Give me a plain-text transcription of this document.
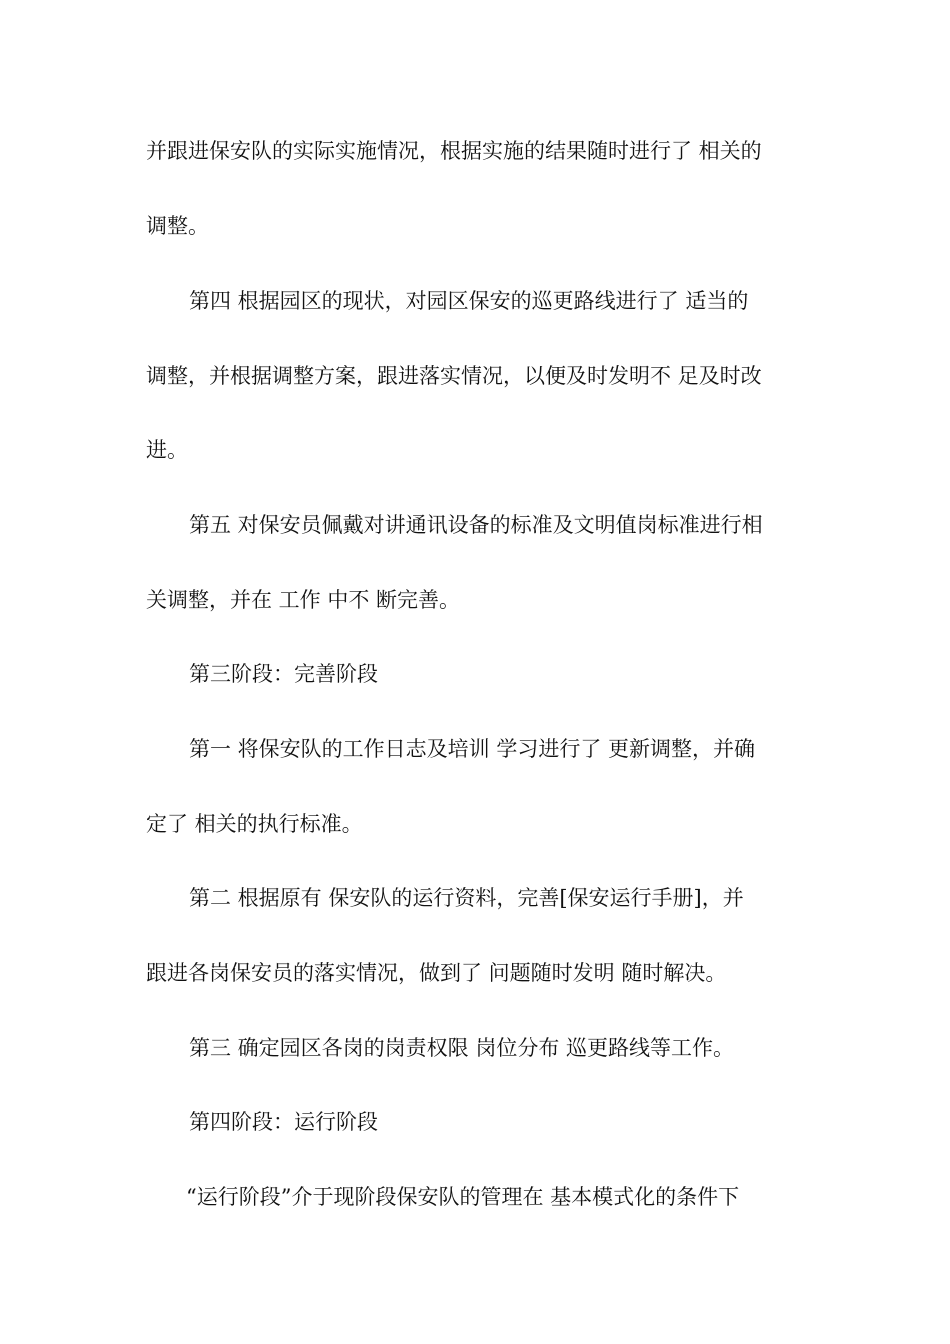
并跟进保安队的实际实施情况，根据实施的结果随时进行了 相关的
调整。
第四 根据园区的现状，对园区保安的巡更路线进行了 适当的
调整，并根据调整方案，跟进落实情况，以便及时发明不 足及时改
进。
第五 对保安员佩戴对讲通讯设备的标准及文明值岗标准进行相
关调整，并在 工作 中不 断完善。
第三阶段：完善阶段
第一 将保安队的工作日志及培训 学习进行了 更新调整，并确
定了 相关的执行标准。
第二 根据原有 保安队的运行资料，完善[保安运行手册]，并
跟进各岗保安员的落实情况，做到了 问题随时发明 随时解决。
第三 确定园区各岗的岗责权限 岗位分布 巡更路线等工作。
第四阶段：运行阶段
“运行阶段”介于现阶段保安队的管理在 基本模式化的条件下
